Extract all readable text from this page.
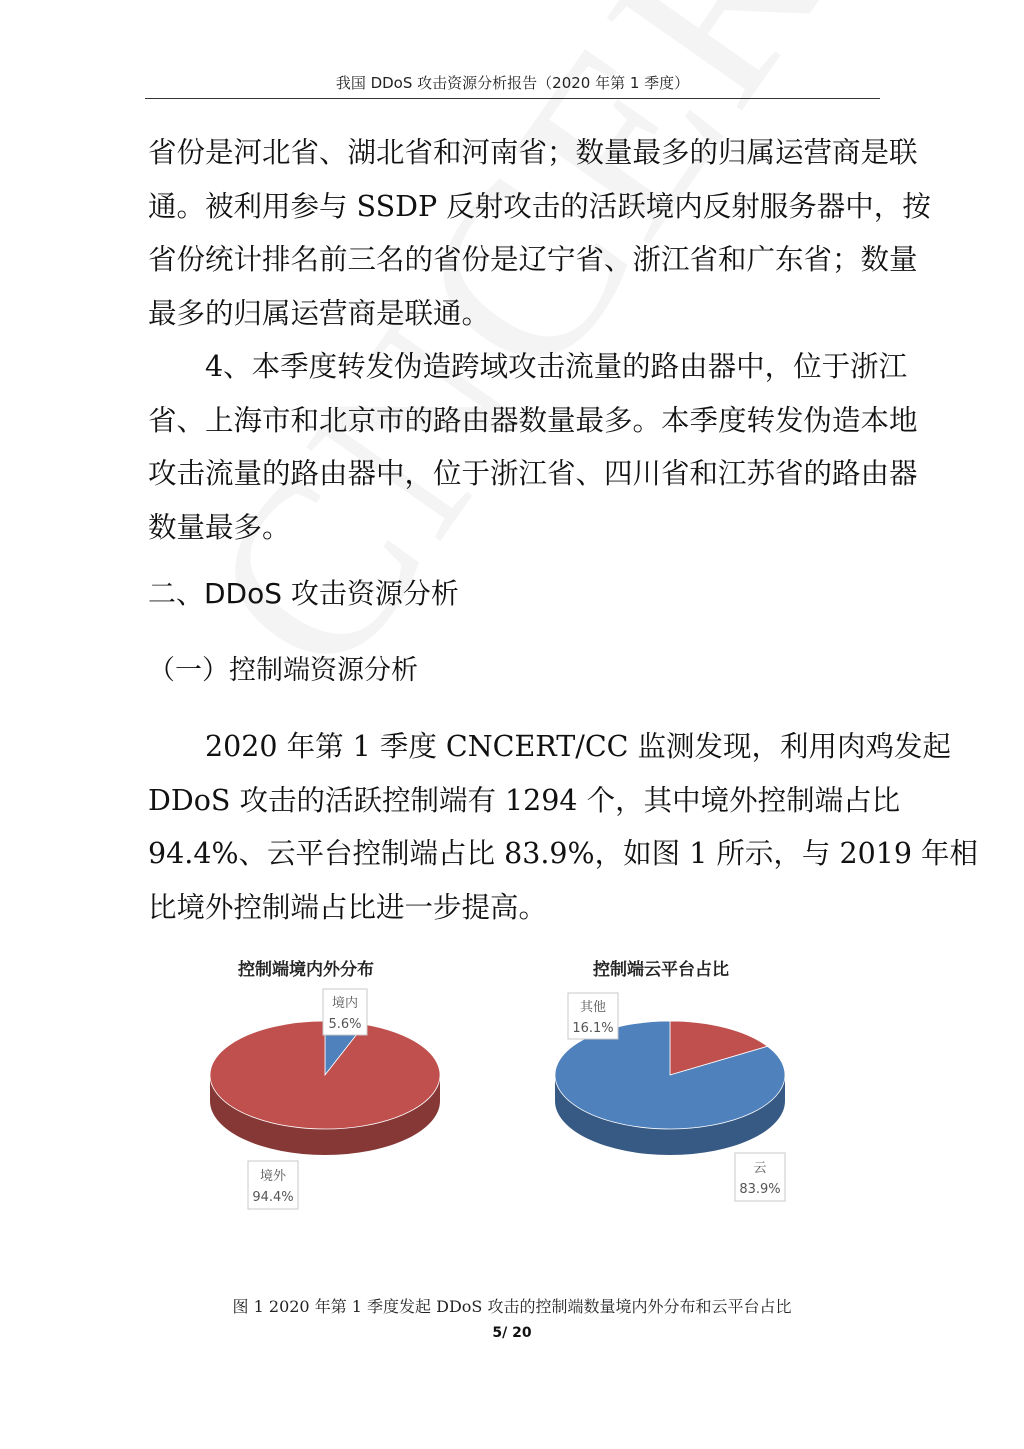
我国 DDoS 攻击资源分析报告（2020 年第 1 季度）
省份是河北省、湖北省和河南省；数量最多的归属运营商是联
通。被利用参与 SSDP 反射攻击的活跃境内反射服务器中，按
省份统计排名前三名的省份是辽宁省、浙江省和广东省；数量
最多的归属运营商是联通。
4、本季度转发伪造跨域攻击流量的路由器中，位于浙江
省、上海市和北京市的路由器数量最多。本季度转发伪造本地
攻击流量的路由器中，位于浙江省、四川省和江苏省的路由器
数量最多。
二、DDoS 攻击资源分析
（一）控制端资源分析
2020 年第 1 季度 CNCERT/CC 监测发现，利用肉鸡发起
DDoS 攻击的活跃控制端有 1294 个，其中境外控制端占比
94.4%、云平台控制端占比 83.9%，如图 1 所示，与 2019 年相
比境外控制端占比进一步提高。
控制端境内外分布
境内
5.6%
境外
94.4%
控制端云平台占比
其他
16.1%
云
83.9%
图 1 2020 年第 1 季度发起 DDoS 攻击的控制端数量境内外分布和云平台占比
5/ 20
